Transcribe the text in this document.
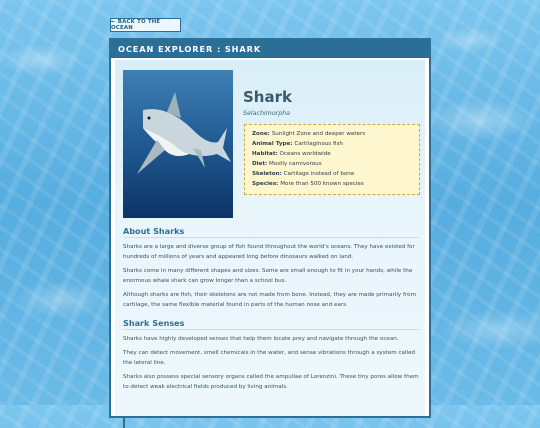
← BACK TO THE OCEAN
OCEAN EXPLORER : SHARK
Shark
Selachimorpha
Zone: Sunlight Zone and deeper waters
Animal Type: Cartilaginous fish
Habitat: Oceans worldwide
Diet: Mostly carnivorous
Skeleton: Cartilage instead of bone
Species: More than 500 known species
About Sharks
Sharks are a large and diverse group of fish found throughout the world's oceans. They have existed for hundreds of millions of years and appeared long before dinosaurs walked on land.
Sharks come in many different shapes and sizes. Some are small enough to fit in your hands, while the enormous whale shark can grow longer than a school bus.
Although sharks are fish, their skeletons are not made from bone. Instead, they are made primarily from cartilage, the same flexible material found in parts of the human nose and ears.
Shark Senses
Sharks have highly developed senses that help them locate prey and navigate through the ocean.
They can detect movement, smell chemicals in the water, and sense vibrations through a system called the lateral line.
Sharks also possess special sensory organs called the ampullae of Lorenzini. These tiny pores allow them to detect weak electrical fields produced by living animals.
